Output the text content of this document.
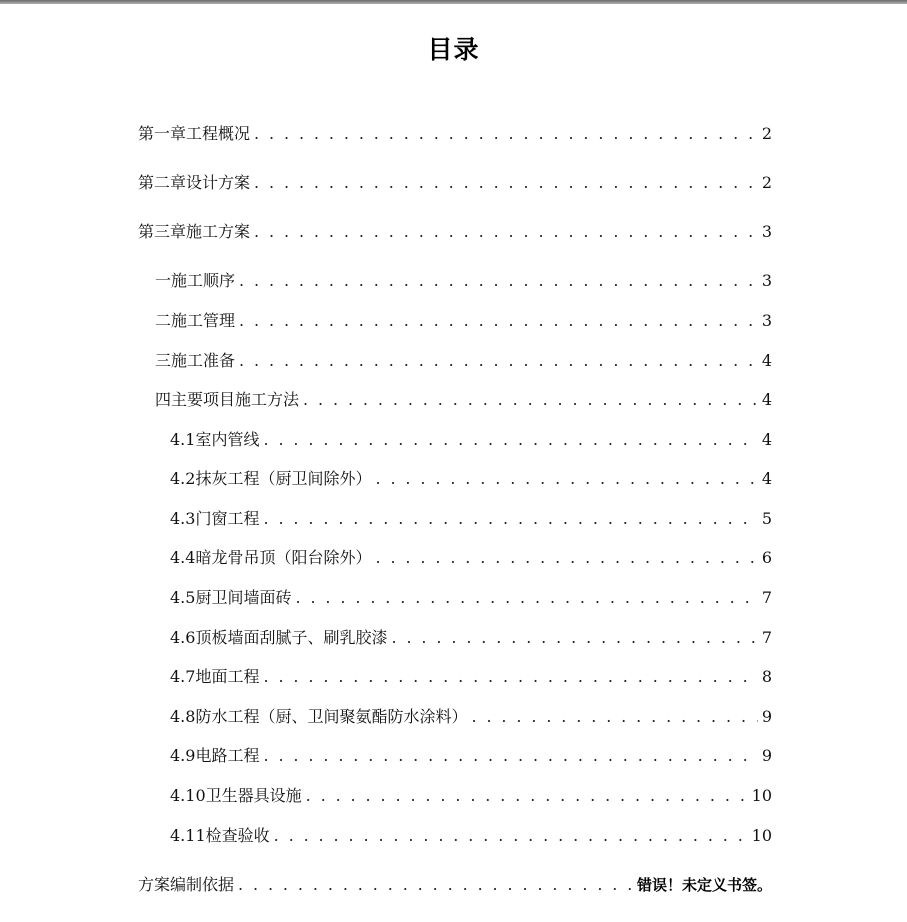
目录
第一章 工程概况 . . .	2
第二章 设计方案 . . .	2
第三章 施工方案 . . .	3
一 施工顺序 . . .	3
二 施工管理 . . .	3
三 施工准备 . . .	4
四 主要项目施工方法 . . .	4
4.1 室内管线 . . .	4
4.2 抹灰工程（厨卫间除外） . . .	4
4.3 门窗工程 . . .	5
4.4 暗龙骨吊顶（阳台除外） . . .	6
4.5 厨卫间墙面砖 . . .	7
4.6 顶板墙面刮腻子、刷乳胶漆 . . .	7
4.7 地面工程 . . .	8
4.8 防水工程（厨、卫间聚氨酯防水涂料） . . .	9
4.9 电路工程 . . .	9
4.10 卫生器具设施 . . .	10
4.11 检查验收 . . .	10
方案编制依据 . . .	错误！未定义书签。
